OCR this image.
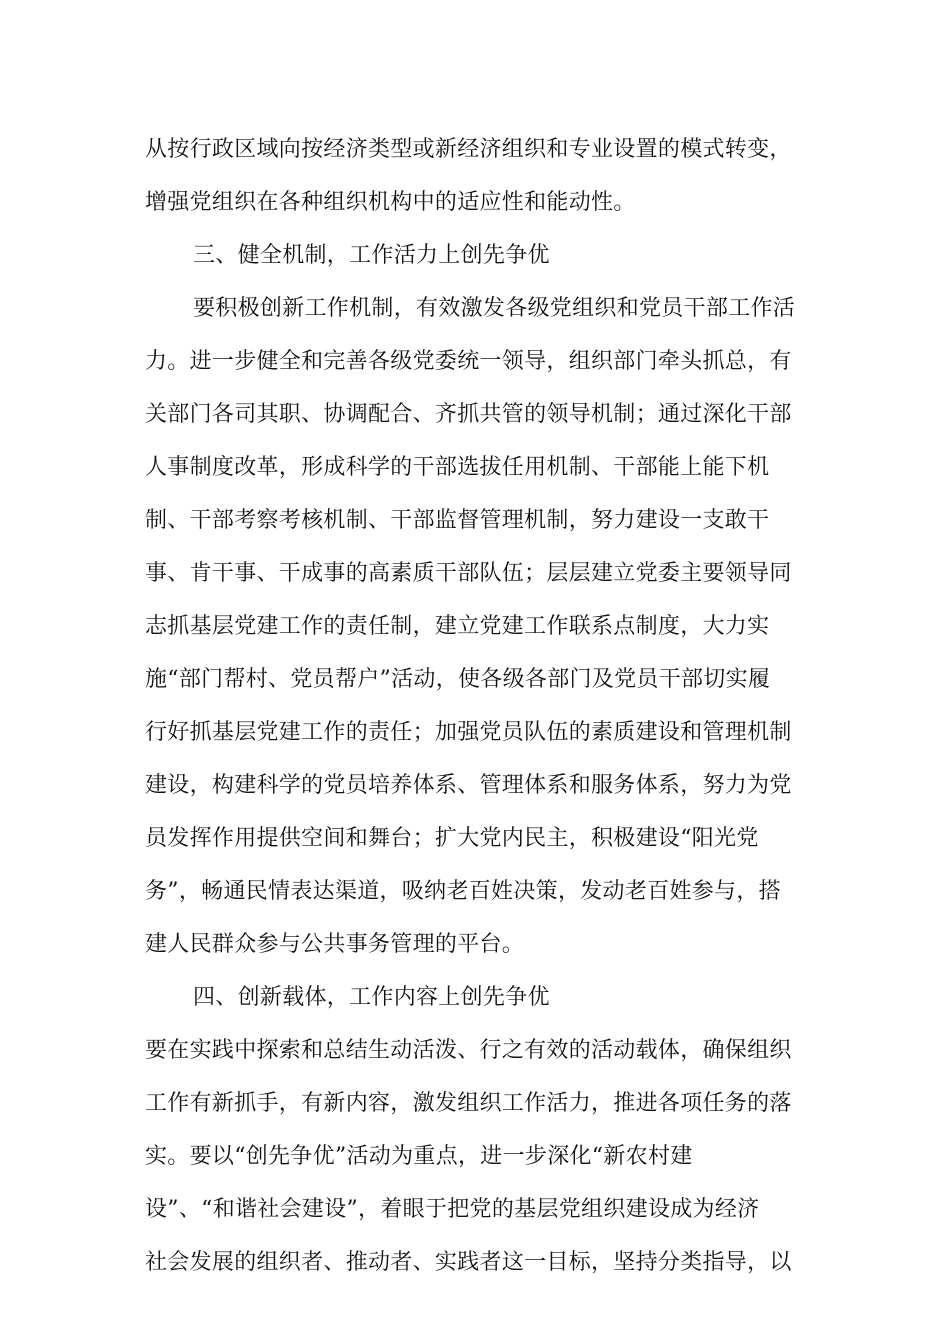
从按行政区域向按经济类型或新经济组织和专业设置的模式转变，
增强党组织在各种组织机构中的适应性和能动性。
三、健全机制，工作活力上创先争优
要积极创新工作机制，有效激发各级党组织和党员干部工作活
力。进一步健全和完善各级党委统一领导，组织部门牵头抓总，有
关部门各司其职、协调配合、齐抓共管的领导机制；通过深化干部
人事制度改革，形成科学的干部选拔任用机制、干部能上能下机
制、干部考察考核机制、干部监督管理机制，努力建设一支敢干
事、肯干事、干成事的高素质干部队伍；层层建立党委主要领导同
志抓基层党建工作的责任制，建立党建工作联系点制度，大力实
施“部门帮村、党员帮户”活动，使各级各部门及党员干部切实履
行好抓基层党建工作的责任；加强党员队伍的素质建设和管理机制
建设，构建科学的党员培养体系、管理体系和服务体系，努力为党
员发挥作用提供空间和舞台；扩大党内民主，积极建设“阳光党
务”，畅通民情表达渠道，吸纳老百姓决策，发动老百姓参与，搭
建人民群众参与公共事务管理的平台。
四、创新载体，工作内容上创先争优
要在实践中探索和总结生动活泼、行之有效的活动载体，确保组织
工作有新抓手，有新内容，激发组织工作活力，推进各项任务的落
实。要以“创先争优”活动为重点，进一步深化“新农村建
设”、“和谐社会建设”，着眼于把党的基层党组织建设成为经济
社会发展的组织者、推动者、实践者这一目标，坚持分类指导，以
